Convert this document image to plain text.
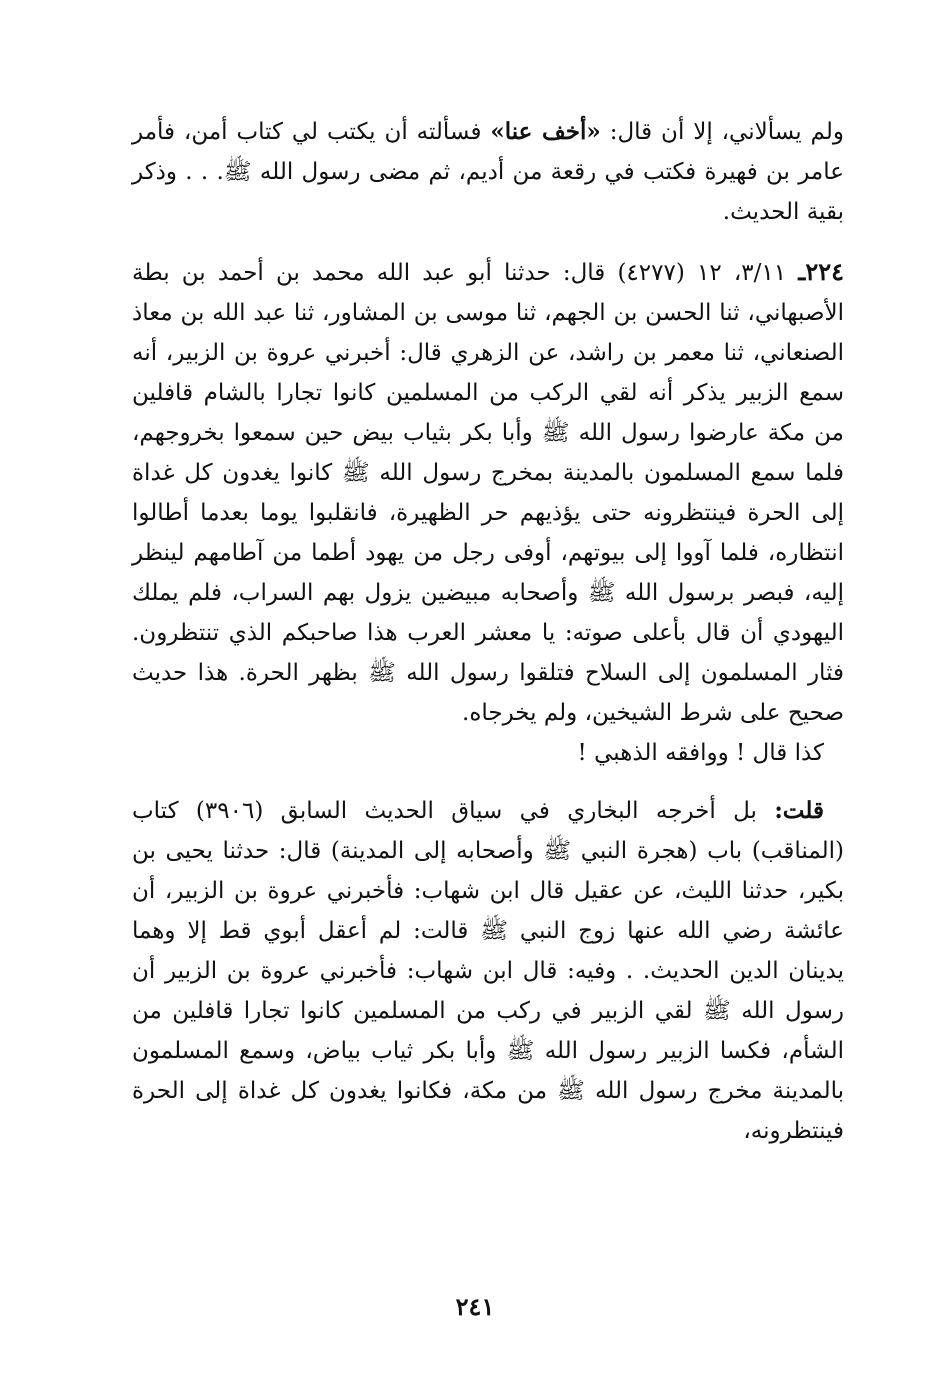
ولم يسألاني، إلا أن قال: «أخف عنا» فسألته أن يكتب لي كتاب أمن، فأمر عامر بن فهيرة فكتب في رقعة من أديم، ثم مضى رسول الله ﷺ. . . وذكر بقية الحديث.

٢٢٤ـ ٣/١١، ١٢ (٤٢٧٧) قال: حدثنا أبو عبد الله محمد بن أحمد بن بطة الأصبهاني، ثنا الحسن بن الجهم، ثنا موسى بن المشاور، ثنا عبد الله بن معاذ الصنعاني، ثنا معمر بن راشد، عن الزهري قال: أخبرني عروة بن الزبير، أنه سمع الزبير يذكر أنه لقي الركب من المسلمين كانوا تجارا بالشام قافلين من مكة عارضوا رسول الله ﷺ وأبا بكر بثياب بيض حين سمعوا بخروجهم، فلما سمع المسلمون بالمدينة بمخرج رسول الله ﷺ كانوا يغدون كل غداة إلى الحرة فينتظرونه حتى يؤذيهم حر الظهيرة، فانقلبوا يوما بعدما أطالوا انتظاره، فلما آووا إلى بيوتهم، أوفى رجل من يهود أطما من آطامهم لينظر إليه، فبصر برسول الله ﷺ وأصحابه مبيضين يزول بهم السراب، فلم يملك اليهودي أن قال بأعلى صوته: يا معشر العرب هذا صاحبكم الذي تنتظرون. فثار المسلمون إلى السلاح فتلقوا رسول الله ﷺ بظهر الحرة. هذا حديث صحيح على شرط الشيخين، ولم يخرجاه.

كذا قال ! ووافقه الذهبي !

قلت: بل أخرجه البخاري في سياق الحديث السابق (٣٩٠٦) كتاب (المناقب) باب (هجرة النبي ﷺ وأصحابه إلى المدينة) قال: حدثنا يحيى بن بكير، حدثنا الليث، عن عقيل قال ابن شهاب: فأخبرني عروة بن الزبير، أن عائشة رضي الله عنها زوج النبي ﷺ قالت: لم أعقل أبوي قط إلا وهما يدينان الدين الحديث. . وفيه: قال ابن شهاب: فأخبرني عروة بن الزبير أن رسول الله ﷺ لقي الزبير في ركب من المسلمين كانوا تجارا قافلين من الشأم، فكسا الزبير رسول الله ﷺ وأبا بكر ثياب بياض، وسمع المسلمون بالمدينة مخرج رسول الله ﷺ من مكة، فكانوا يغدون كل غداة إلى الحرة فينتظرونه،

٢٤١
